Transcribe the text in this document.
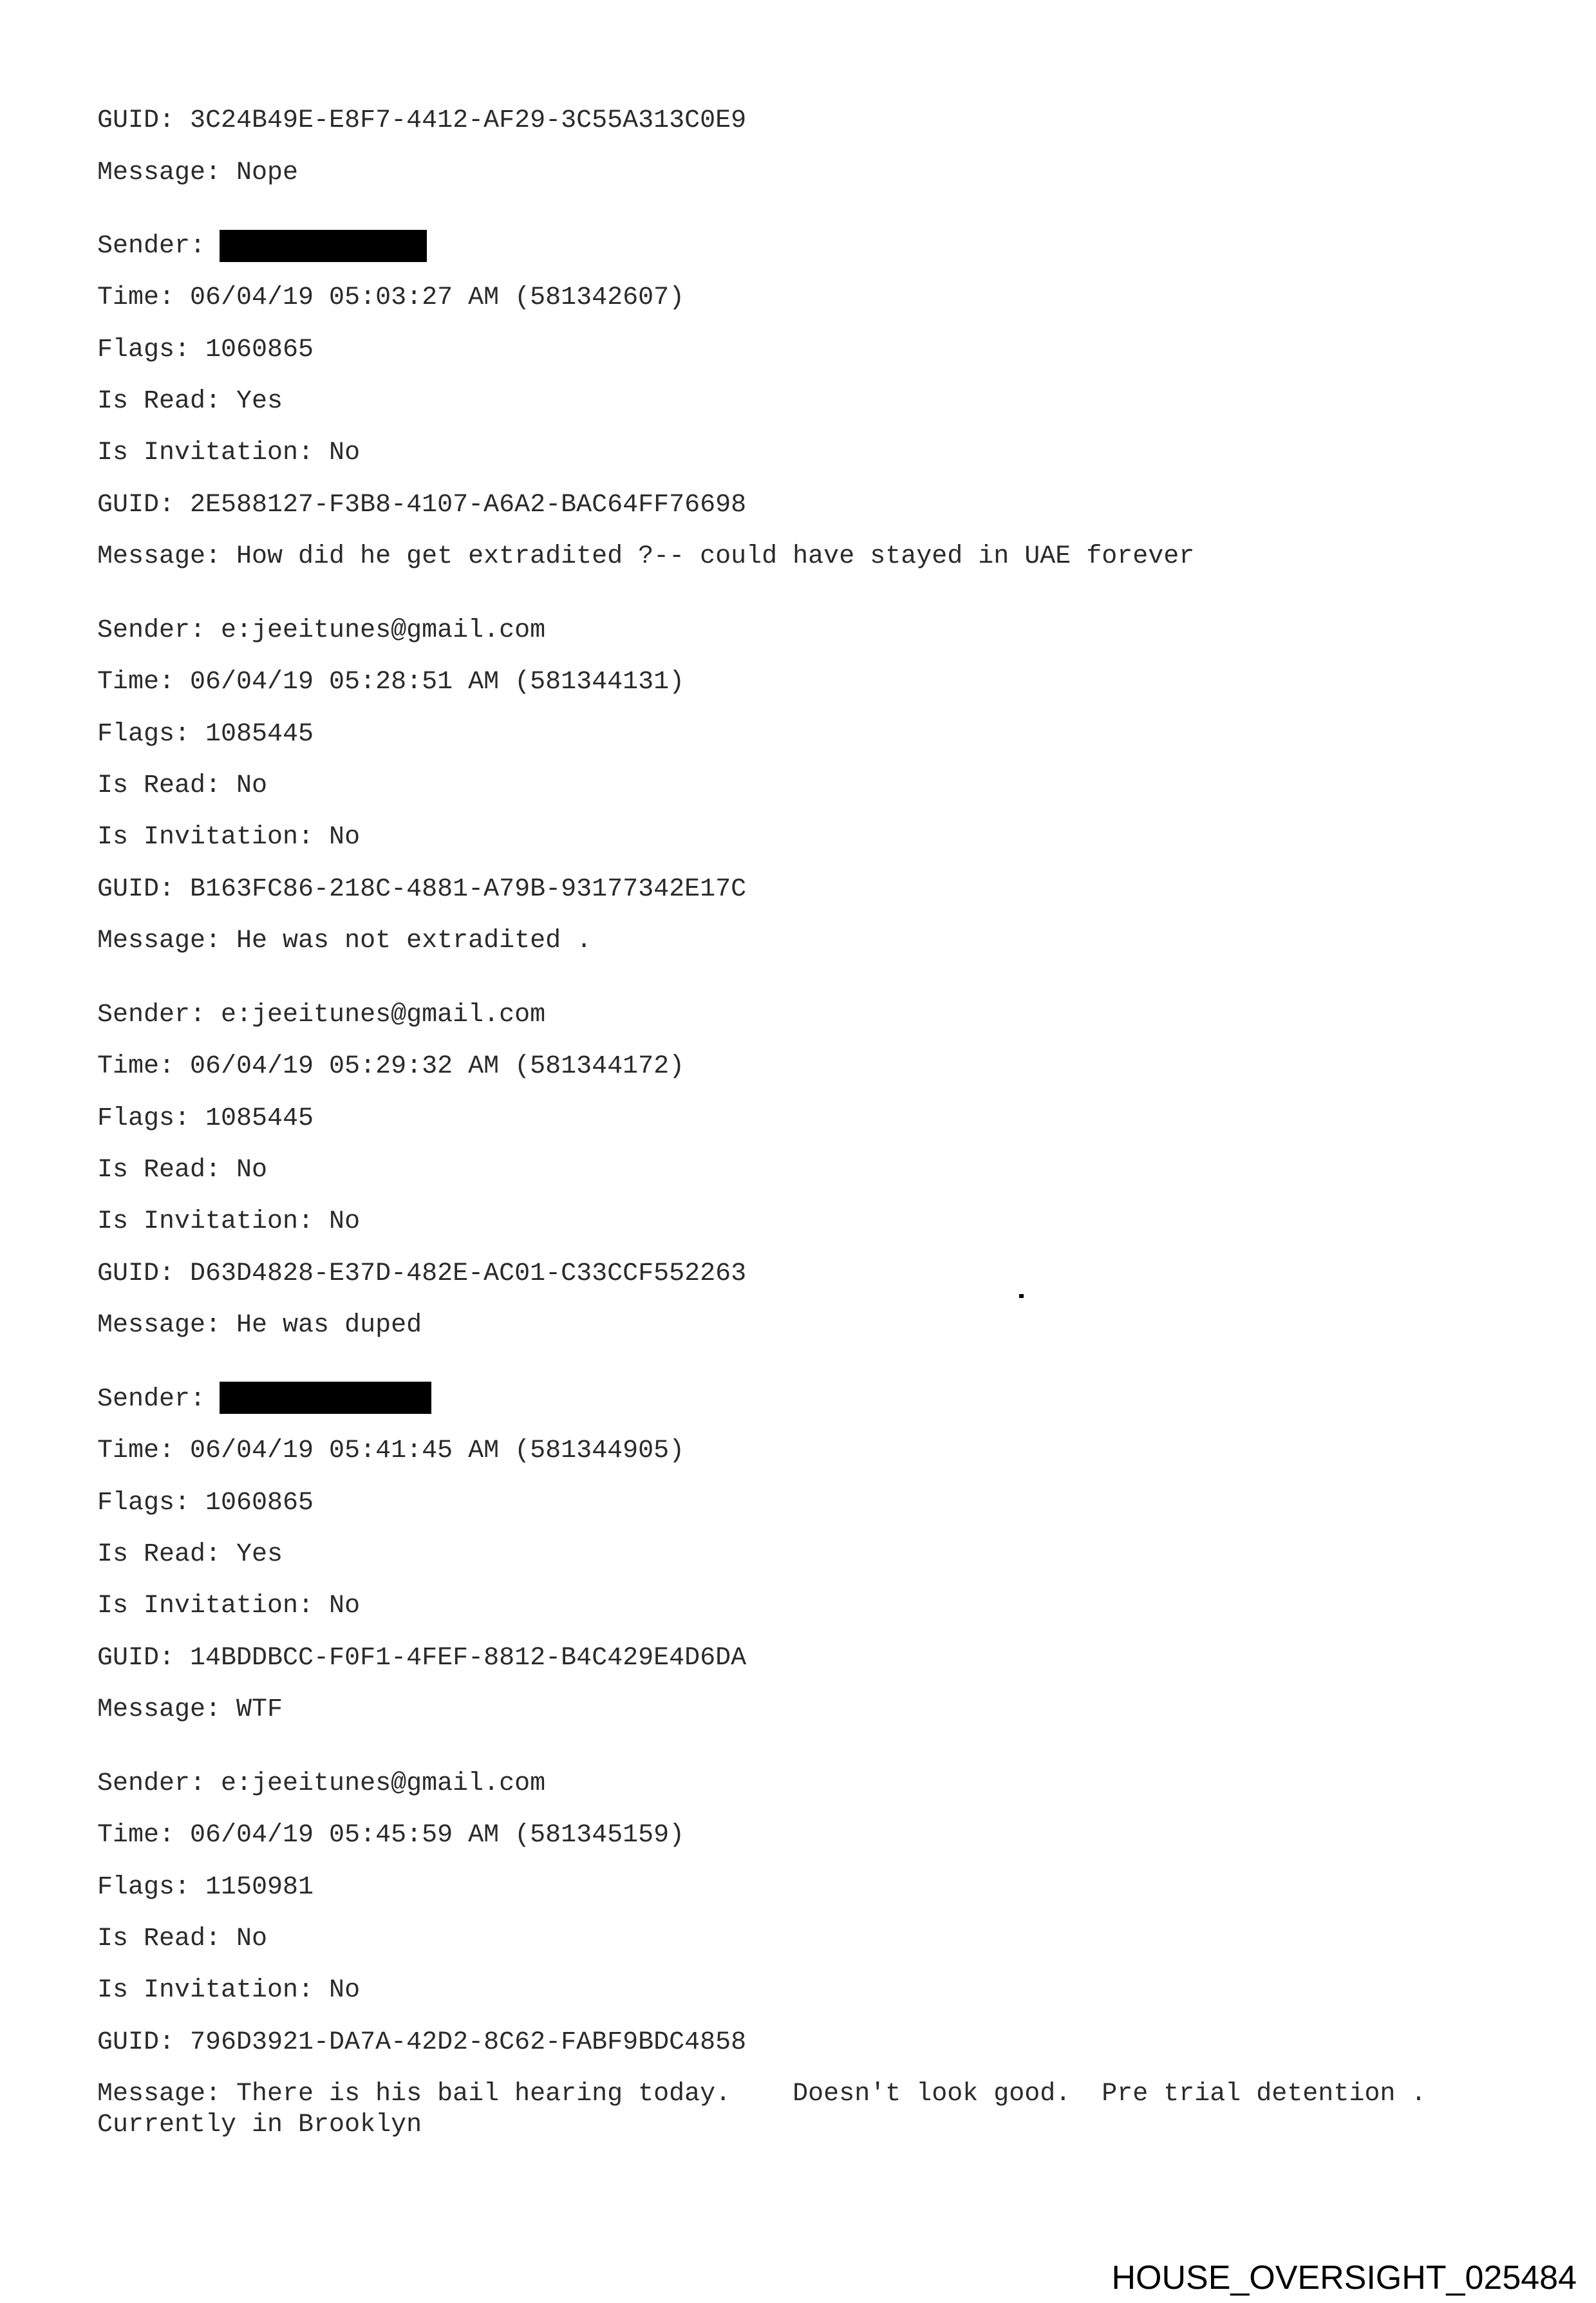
GUID: 3C24B49E-E8F7-4412-AF29-3C55A313C0E9
Message: Nope
Sender:
Time: 06/04/19 05:03:27 AM (581342607)
Flags: 1060865
Is Read: Yes
Is Invitation: No
GUID: 2E588127-F3B8-4107-A6A2-BAC64FF76698
Message: How did he get extradited ?-- could have stayed in UAE forever
Sender: e:jeeitunes@gmail.com
Time: 06/04/19 05:28:51 AM (581344131)
Flags: 1085445
Is Read: No
Is Invitation: No
GUID: B163FC86-218C-4881-A79B-93177342E17C
Message: He was not extradited .
Sender: e:jeeitunes@gmail.com
Time: 06/04/19 05:29:32 AM (581344172)
Flags: 1085445
Is Read: No
Is Invitation: No
GUID: D63D4828-E37D-482E-AC01-C33CCF552263
Message: He was duped
Sender:
Time: 06/04/19 05:41:45 AM (581344905)
Flags: 1060865
Is Read: Yes
Is Invitation: No
GUID: 14BDDBCC-F0F1-4FEF-8812-B4C429E4D6DA
Message: WTF
Sender: e:jeeitunes@gmail.com
Time: 06/04/19 05:45:59 AM (581345159)
Flags: 1150981
Is Read: No
Is Invitation: No
GUID: 796D3921-DA7A-42D2-8C62-FABF9BDC4858
Message: There is his bail hearing today.    Doesn't look good.  Pre trial detention .
Currently in Brooklyn
HOUSE_OVERSIGHT_025484
